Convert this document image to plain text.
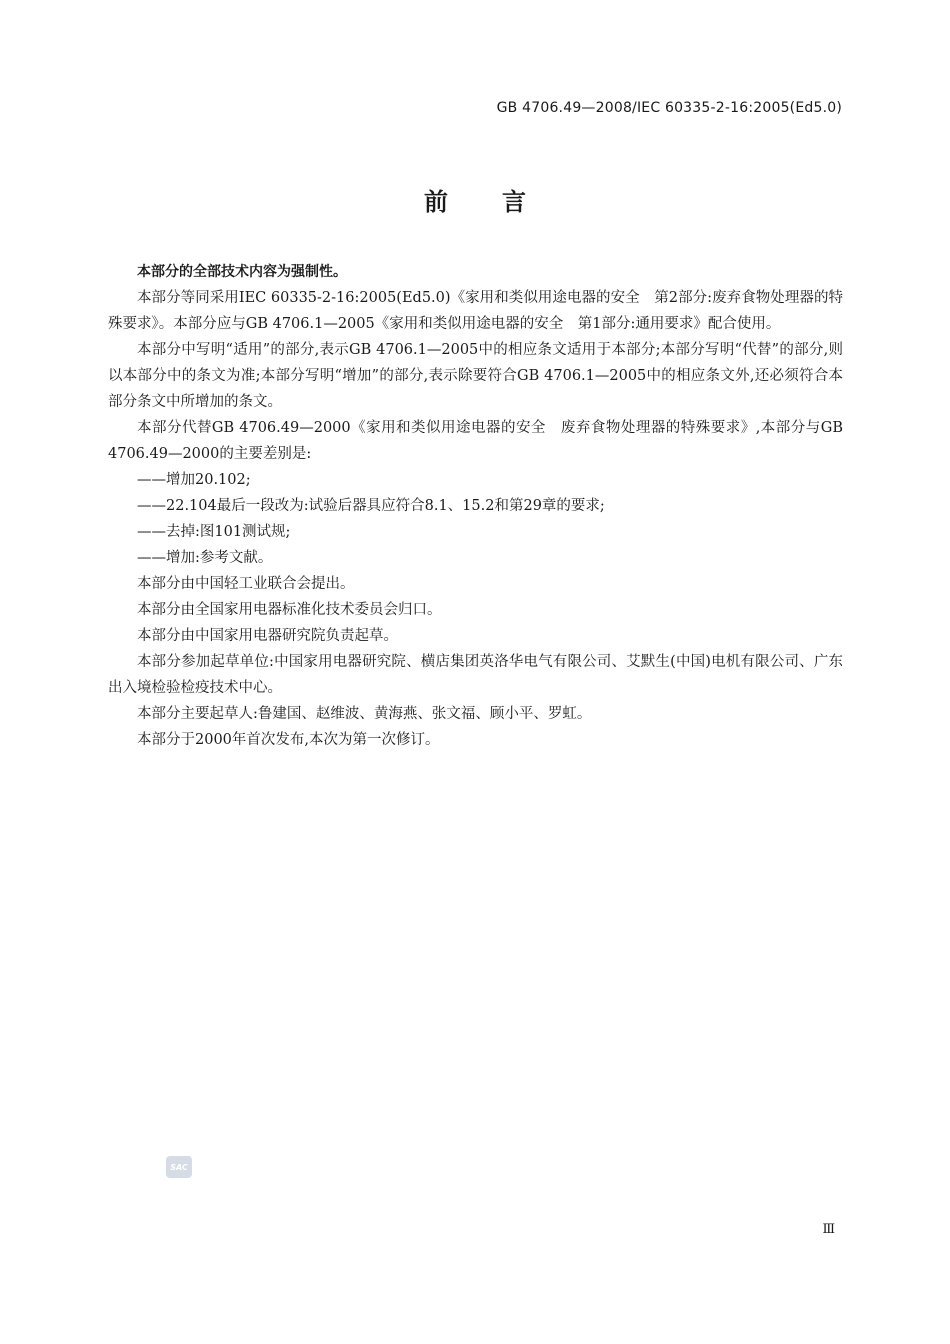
GB 4706.49—2008/IEC 60335-2-16:2005(Ed5.0)
前言

本部分的全部技术内容为强制性。

本部分等同采用IEC 60335-2-16:2005(Ed5.0)《家用和类似用途电器的安全　第2部分:废弃食物处理器的特殊要求》。本部分应与GB 4706.1—2005《家用和类似用途电器的安全　第1部分:通用要求》配合使用。

本部分中写明“适用”的部分,表示GB 4706.1—2005中的相应条文适用于本部分;本部分写明“代替”的部分,则以本部分中的条文为准;本部分写明“增加”的部分,表示除要符合GB 4706.1—2005中的相应条文外,还必须符合本部分条文中所增加的条文。

本部分代替GB 4706.49—2000《家用和类似用途电器的安全　废弃食物处理器的特殊要求》,本部分与GB 4706.49—2000的主要差别是:

——增加20.102;

——22.104最后一段改为:试验后器具应符合8.1、15.2和第29章的要求;

——去掉:图101测试规;

——增加:参考文献。

本部分由中国轻工业联合会提出。

本部分由全国家用电器标准化技术委员会归口。

本部分由中国家用电器研究院负责起草。

本部分参加起草单位:中国家用电器研究院、横店集团英洛华电气有限公司、艾默生(中国)电机有限公司、广东出入境检验检疫技术中心。

本部分主要起草人:鲁建国、赵维波、黄海燕、张文福、顾小平、罗虹。

本部分于2000年首次发布,本次为第一次修订。

SAC
Ⅲ
